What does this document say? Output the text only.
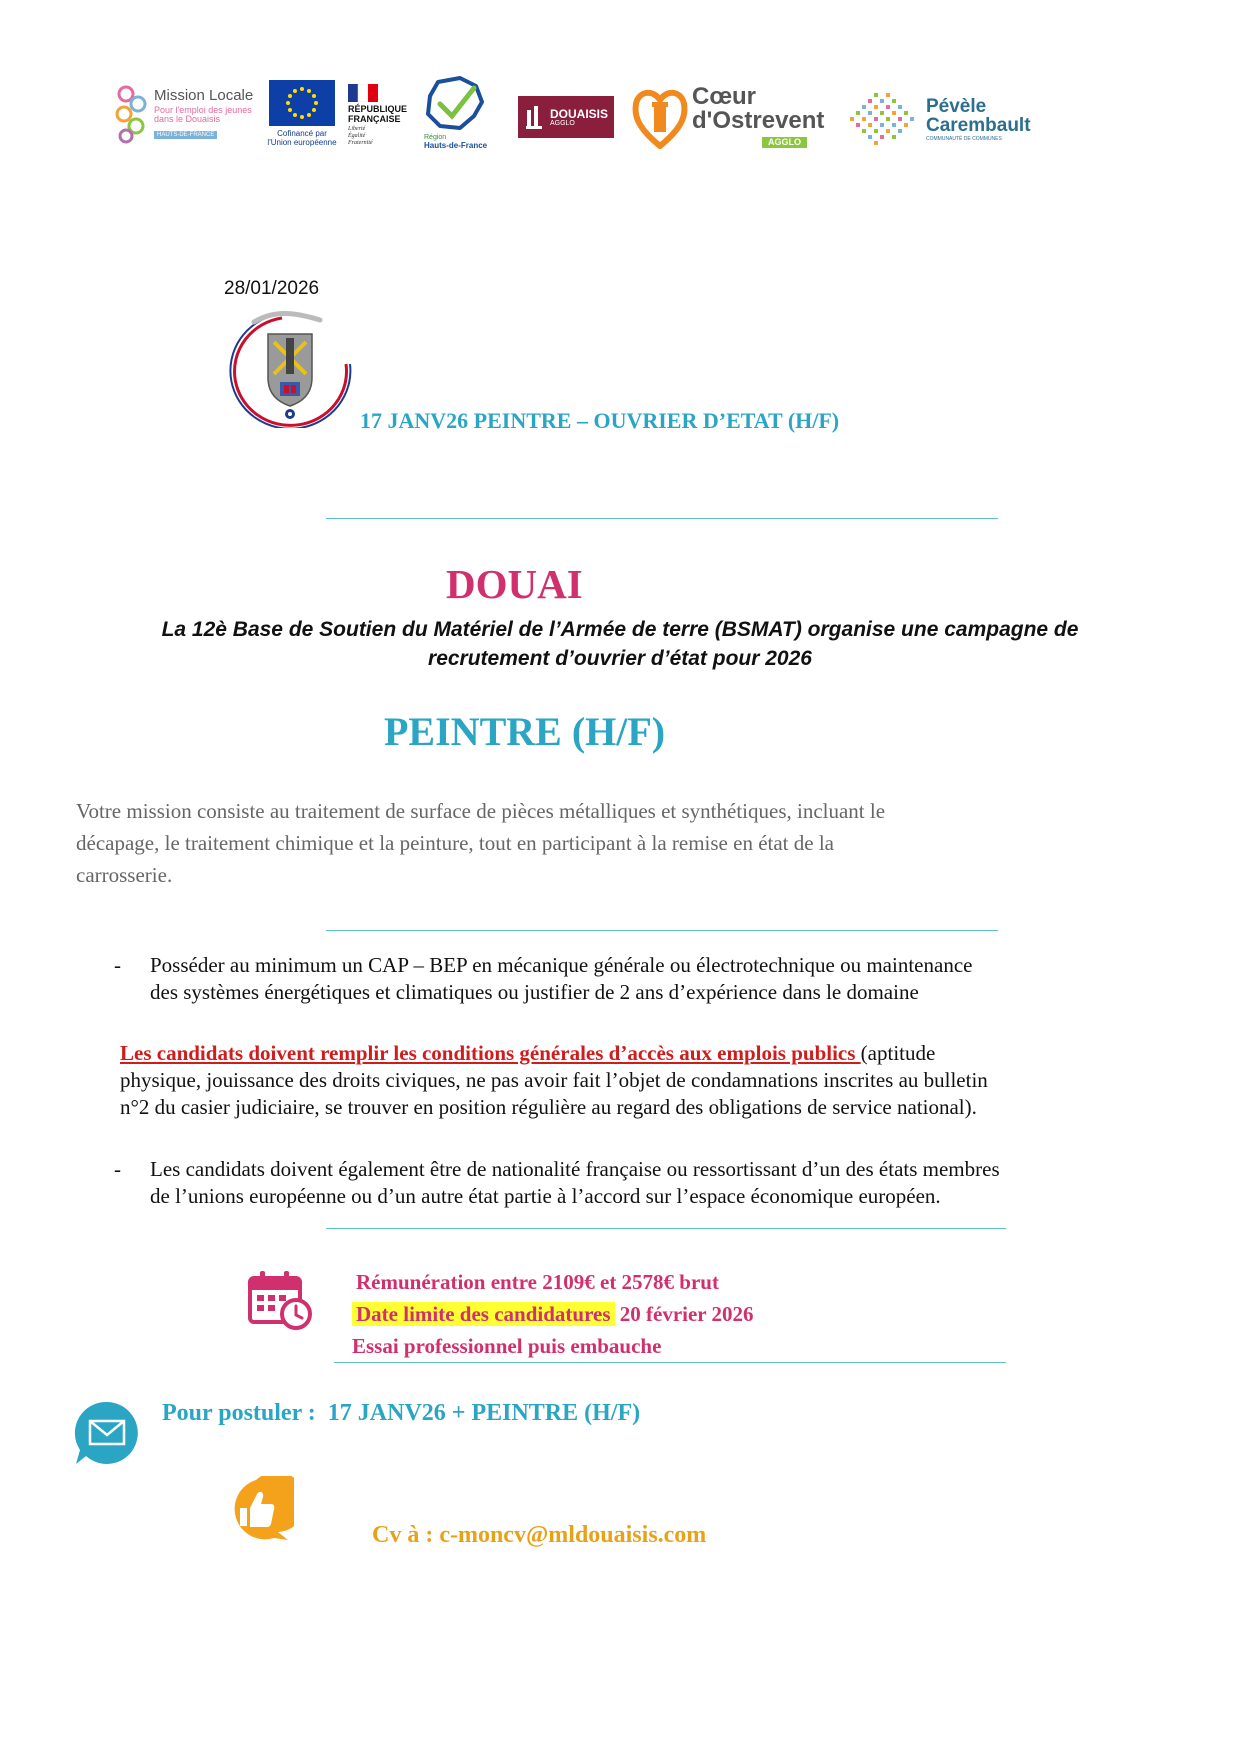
Mission Locale
Pour l'emploi des jeunes
dans le Douaisis
HAUTS-DE-FRANCE	Cofinancé par
l'Union européenne
RÉPUBLIQUE
FRANÇAISE
Liberté
Égalité
Fraternité
Région
Hauts-de-France
DOUAISIS
AGGLO
Cœur
d'Ostrevent
AGGLO
Pévèle
Carembault
COMMUNAUTÉ DE COMMUNES
28/01/2026
17 JANV26 PEINTRE – OUVRIER D’ETAT (H/F)
DOUAI
La 12è Base de Soutien du Matériel de l’Armée de terre (BSMAT) organise une campagne de
recrutement d’ouvrier d’état pour 2026
PEINTRE (H/F)
Votre mission consiste au traitement de surface de pièces métalliques et synthétiques, incluant le
décapage, le traitement chimique et la peinture, tout en participant à la remise en état de la
carrosserie.
- Posséder au minimum un CAP – BEP en mécanique générale ou électrotechnique ou maintenance
des systèmes énergétiques et climatiques ou justifier de 2 ans d’expérience dans le domaine
Les candidats doivent remplir les conditions générales d’accès aux emplois publics (aptitude
physique, jouissance des droits civiques, ne pas avoir fait l’objet de condamnations inscrites au bulletin
n°2 du casier judiciaire, se trouver en position régulière au regard des obligations de service national).
- Les candidats doivent également être de nationalité française ou ressortissant d’un des états membres
de l’unions européenne ou d’un autre état partie à l’accord sur l’espace économique européen.
Rémunération entre 2109€ et 2578€ brut
Date limite des candidatures 20 février 2026
Essai professionnel puis embauche
Pour postuler :  17 JANV26 + PEINTRE (H/F)
Cv à : c-moncv@mldouaisis.com
